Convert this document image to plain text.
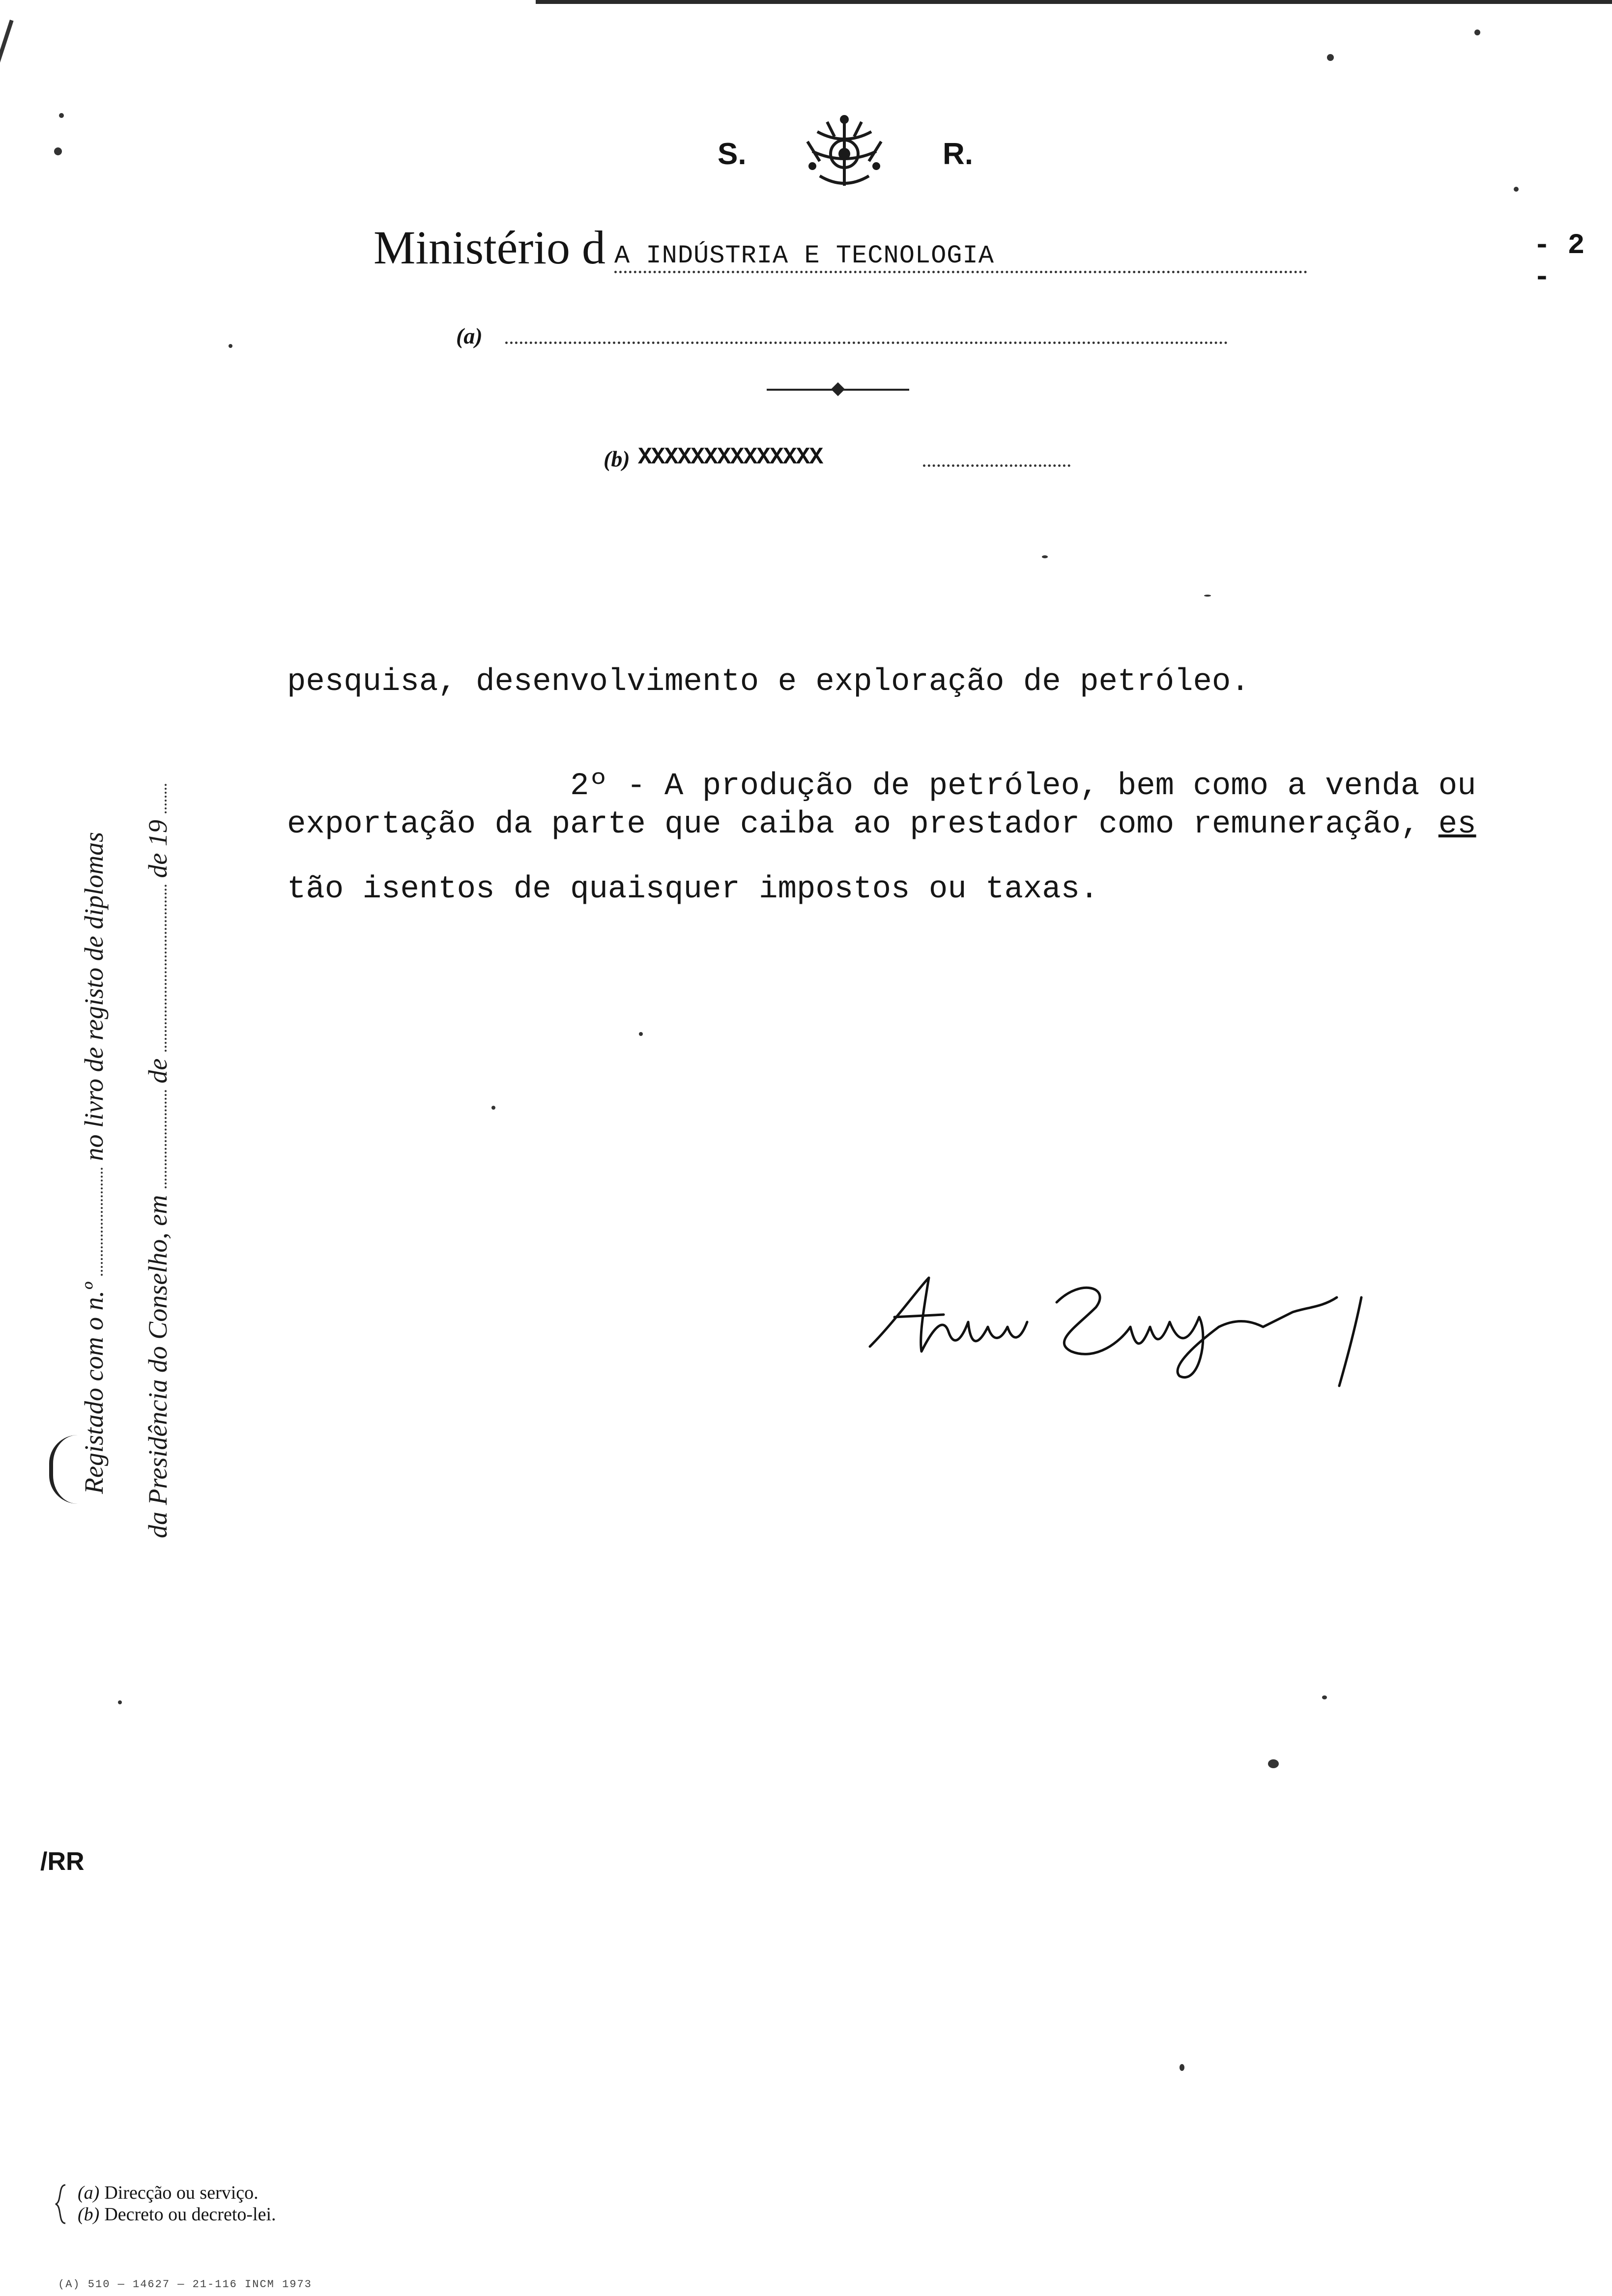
S.	R.
Ministério d A INDÚSTRIA E TECNOLOGIA	- 2 -
(a)
(b) XXXXXXXXXXXXXX
pesquisa, desenvolvimento e exploração de petróleo.
2º - A produção de petróleo, bem como a venda ou
exportação da parte que caiba ao prestador como remuneração, es
tão isentos de quaisquer impostos ou taxas.
Registado com o n.º  no livro de registo de diplomas
da Presidência do Conselho, em  de  de 19
/RR
(a) Direcção ou serviço.
(b) Decreto ou decreto-lei.
(A) 510 — 14627 — 21-116 INCM 1973
